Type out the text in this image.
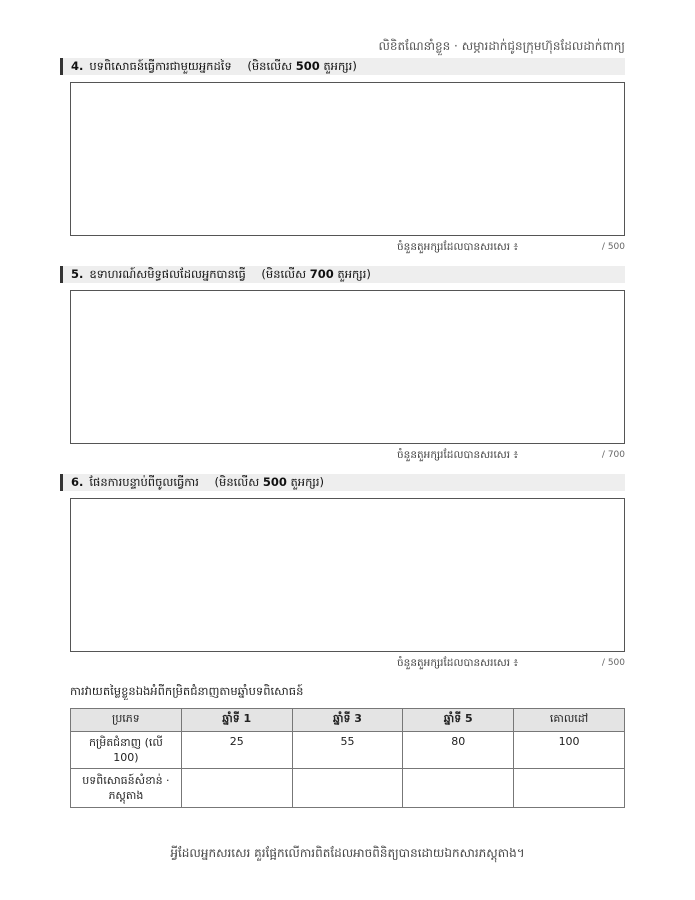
លិខិតណែនាំខ្លួន · សម្ភារដាក់ជូនក្រុមហ៊ុនដែលដាក់ពាក្យ
4. បទពិសោធន៍ធ្វើការជាមួយអ្នកដទៃ (មិនលើស 500 តួអក្សរ)
ចំនួនតួអក្សរដែលបានសរសេរ ៖	/ 500
5. ឧទាហរណ៍សមិទ្ធផលដែលអ្នកបានធ្វើ (មិនលើស 700 តួអក្សរ)
ចំនួនតួអក្សរដែលបានសរសេរ ៖	/ 700
6. ផែនការបន្ទាប់ពីចូលធ្វើការ (មិនលើស 500 តួអក្សរ)
ចំនួនតួអក្សរដែលបានសរសេរ ៖	/ 500
ការវាយតម្លៃខ្លួនឯងអំពីកម្រិតជំនាញតាមឆ្នាំបទពិសោធន៍
ប្រភេទ	ឆ្នាំទី 1	ឆ្នាំទី 3	ឆ្នាំទី 5	គោលដៅ
កម្រិតជំនាញ (លើ 100)	25	55	80	100
បទពិសោធន៍សំខាន់ · ភស្តុតាង				
អ្វីដែលអ្នកសរសេរ គួរផ្អែកលើការពិតដែលអាចពិនិត្យបានដោយឯកសារភស្តុតាង។
